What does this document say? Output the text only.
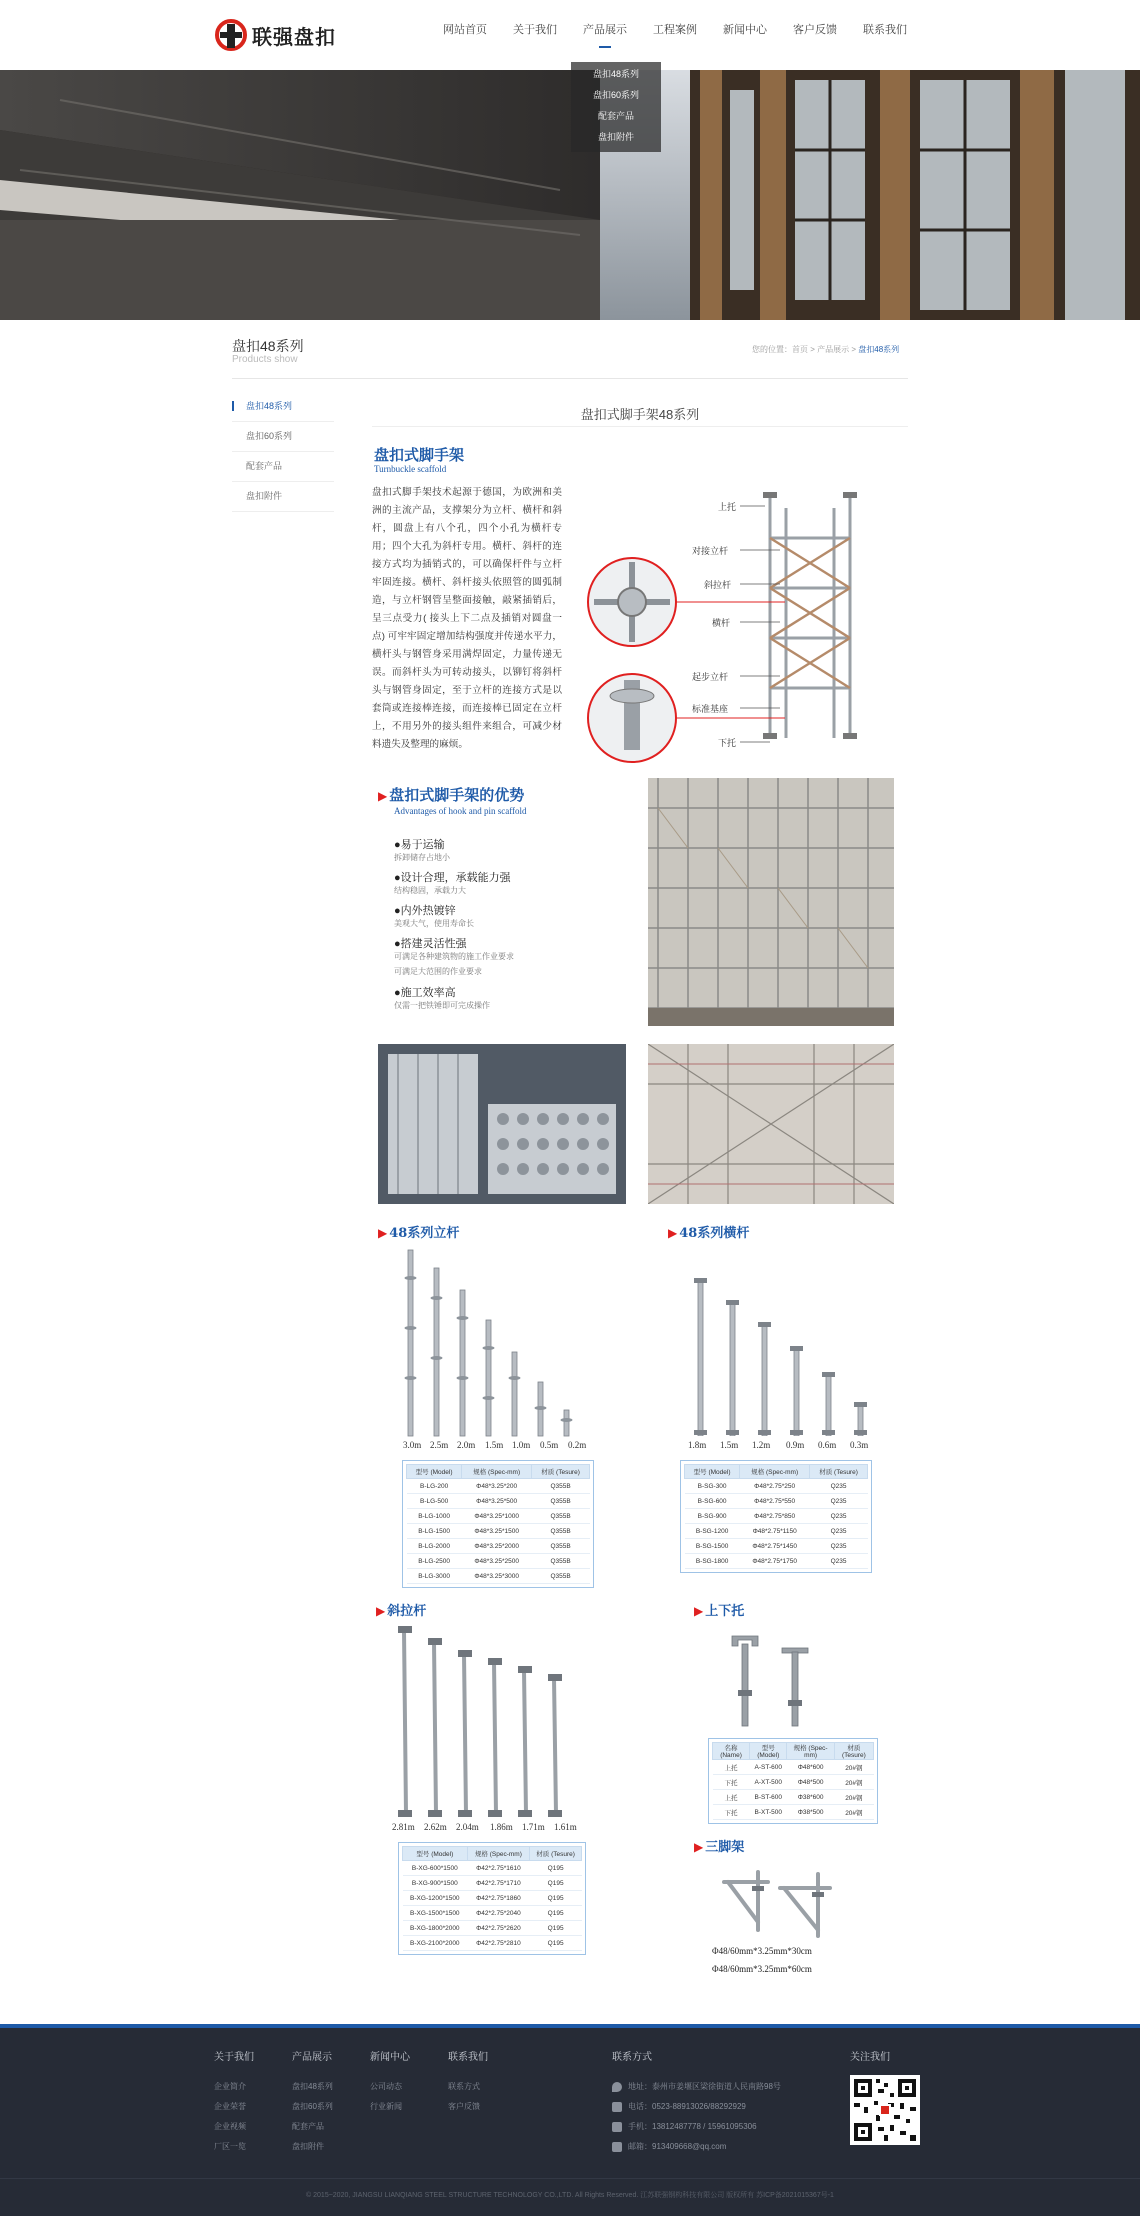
联强盘扣	网站首页	关于我们	产品展示	工程案例	新闻中心	客户反馈	联系我们
盘扣48系列
盘扣60系列
配套产品
盘扣附件
盘扣48系列
Products show
您的位置：首页 > 产品展示 > 盘扣48系列
盘扣48系列
盘扣60系列
配套产品
盘扣附件
盘扣式脚手架48系列
盘扣式脚手架
Turnbuckle scaffold
盘扣式脚手架技术起源于德国，为欧洲和美洲的主流产品，支撑架分为立杆、横杆和斜杆，圆盘上有八个孔，四个小孔为横杆专用；四个大孔为斜杆专用。横杆、斜杆的连接方式均为插销式的，可以确保杆件与立杆牢固连接。横杆、斜杆接头依照管的圆弧制造，与立杆钢管呈整面接触，敲紧插销后，呈三点受力( 接头上下二点及插销对圆盘一点) 可牢牢固定增加结构强度并传递水平力，横杆头与钢管身采用满焊固定，力量传递无误。而斜杆头为可转动接头，以铆钉将斜杆头与钢管身固定，至于立杆的连接方式是以套筒或连接棒连接，而连接棒已固定在立杆上，不用另外的接头组件来组合，可减少材料遗失及整理的麻烦。
上托
对接立杆
斜拉杆
横杆
起步立杆
标准基座
下托
▶ 盘扣式脚手架的优势
Advantages of hook and pin scaffold
●易于运输
拆卸储存占地小
●设计合理，承载能力强
结构稳固，承载力大
●内外热镀锌
美观大气，使用寿命长
●搭建灵活性强
可满足各种建筑物的施工作业要求
可满足大范围的作业要求
●施工效率高
仅需一把铁锤即可完成操作
▶ 48系列立杆
3.0m 2.5m 2.0m 1.5m 1.0m 0.5m 0.2m
型号 (Model)	规格 (Spec-mm)	材质 (Tesure)
B-LG-200	Φ48*3.25*200	Q355B
B-LG-500	Φ48*3.25*500	Q355B
B-LG-1000	Φ48*3.25*1000	Q355B
B-LG-1500	Φ48*3.25*1500	Q355B
B-LG-2000	Φ48*3.25*2000	Q355B
B-LG-2500	Φ48*3.25*2500	Q355B
B-LG-3000	Φ48*3.25*3000	Q355B
▶ 48系列横杆
1.8m 1.5m 1.2m 0.9m 0.6m 0.3m
型号 (Model)	规格 (Spec-mm)	材质 (Tesure)
B-SG-300	Φ48*2.75*250	Q235
B-SG-600	Φ48*2.75*550	Q235
B-SG-900	Φ48*2.75*850	Q235
B-SG-1200	Φ48*2.75*1150	Q235
B-SG-1500	Φ48*2.75*1450	Q235
B-SG-1800	Φ48*2.75*1750	Q235
▶ 斜拉杆
2.81m 2.62m 2.04m 1.86m 1.71m 1.61m
型号 (Model)	规格 (Spec-mm)	材质 (Tesure)
B-XG-600*1500	Φ42*2.75*1610	Q195
B-XG-900*1500	Φ42*2.75*1710	Q195
B-XG-1200*1500	Φ42*2.75*1860	Q195
B-XG-1500*1500	Φ42*2.75*2040	Q195
B-XG-1800*2000	Φ42*2.75*2620	Q195
B-XG-2100*2000	Φ42*2.75*2810	Q195
▶ 上下托
名称 (Name)	型号 (Model)	规格 (Spec-mm)	材质 (Tesure)
上托	A-ST-600	Φ48*600	20#钢
下托	A-XT-500	Φ48*500	20#钢
上托	B-ST-600	Φ38*600	20#钢
下托	B-XT-500	Φ38*500	20#钢
▶ 三脚架
Φ48/60mm*3.25mm*30cm
Φ48/60mm*3.25mm*60cm
关于我们
企业简介
企业荣誉
企业视频
厂区一览
产品展示
盘扣48系列
盘扣60系列
配套产品
盘扣附件
新闻中心
公司动态
行业新闻
联系我们
联系方式
客户反馈
联系方式
地址：泰州市姜堰区梁徐街道人民南路98号
电话：0523-88913026/88292929
手机：13812487778 / 15961095306
邮箱：913409668@qq.com
关注我们
© 2015~2020, JIANGSU LIANQIANG STEEL STRUCTURE TECHNOLOGY CO.,LTD. All Rights Reserved. 江苏联强钢构科技有限公司 版权所有 苏ICP备2021015367号-1
